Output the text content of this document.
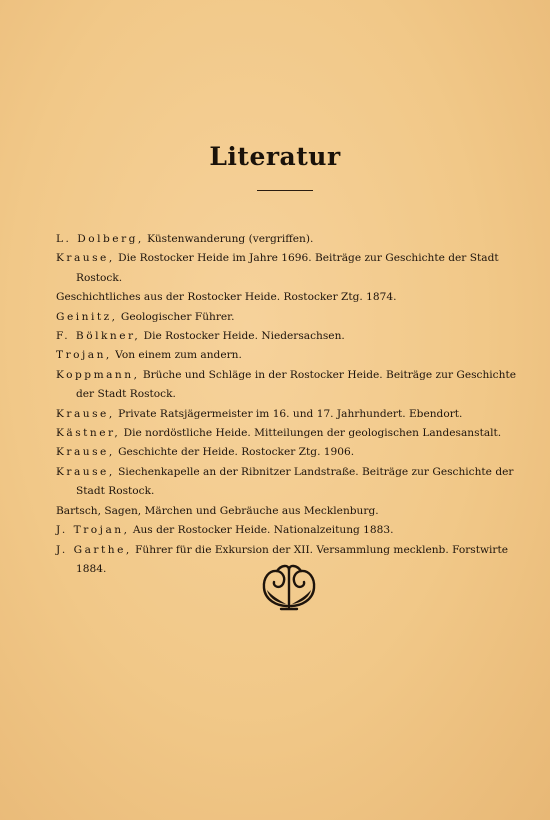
Literatur

L. Dolberg, Küstenwanderung (vergriffen).

Krause, Die Rostocker Heide im Jahre 1696. Beiträge zur Geschichte der Stadt Rostock.

Geschichtliches aus der Rostocker Heide. Rostocker Ztg. 1874.

Geinitz, Geologischer Führer.

F. Bölkner, Die Rostocker Heide. Niedersachsen.

Trojan, Von einem zum andern.

Koppmann, Brüche und Schläge in der Rostocker Heide. Beiträge zur Geschichte der Stadt Rostock.

Krause, Private Ratsjägermeister im 16. und 17. Jahrhundert. Ebendort.

Kästner, Die nordöstliche Heide. Mitteilungen der geologischen Landesanstalt.

Krause, Geschichte der Heide. Rostocker Ztg. 1906.

Krause, Siechenkapelle an der Ribnitzer Landstraße. Beiträge zur Geschichte der Stadt Rostock.

Bartsch, Sagen, Märchen und Gebräuche aus Mecklenburg.

J. Trojan, Aus der Rostocker Heide. Nationalzeitung 1883.

J. Garthe, Führer für die Exkursion der XII. Versammlung mecklenb. Forstwirte 1884.
